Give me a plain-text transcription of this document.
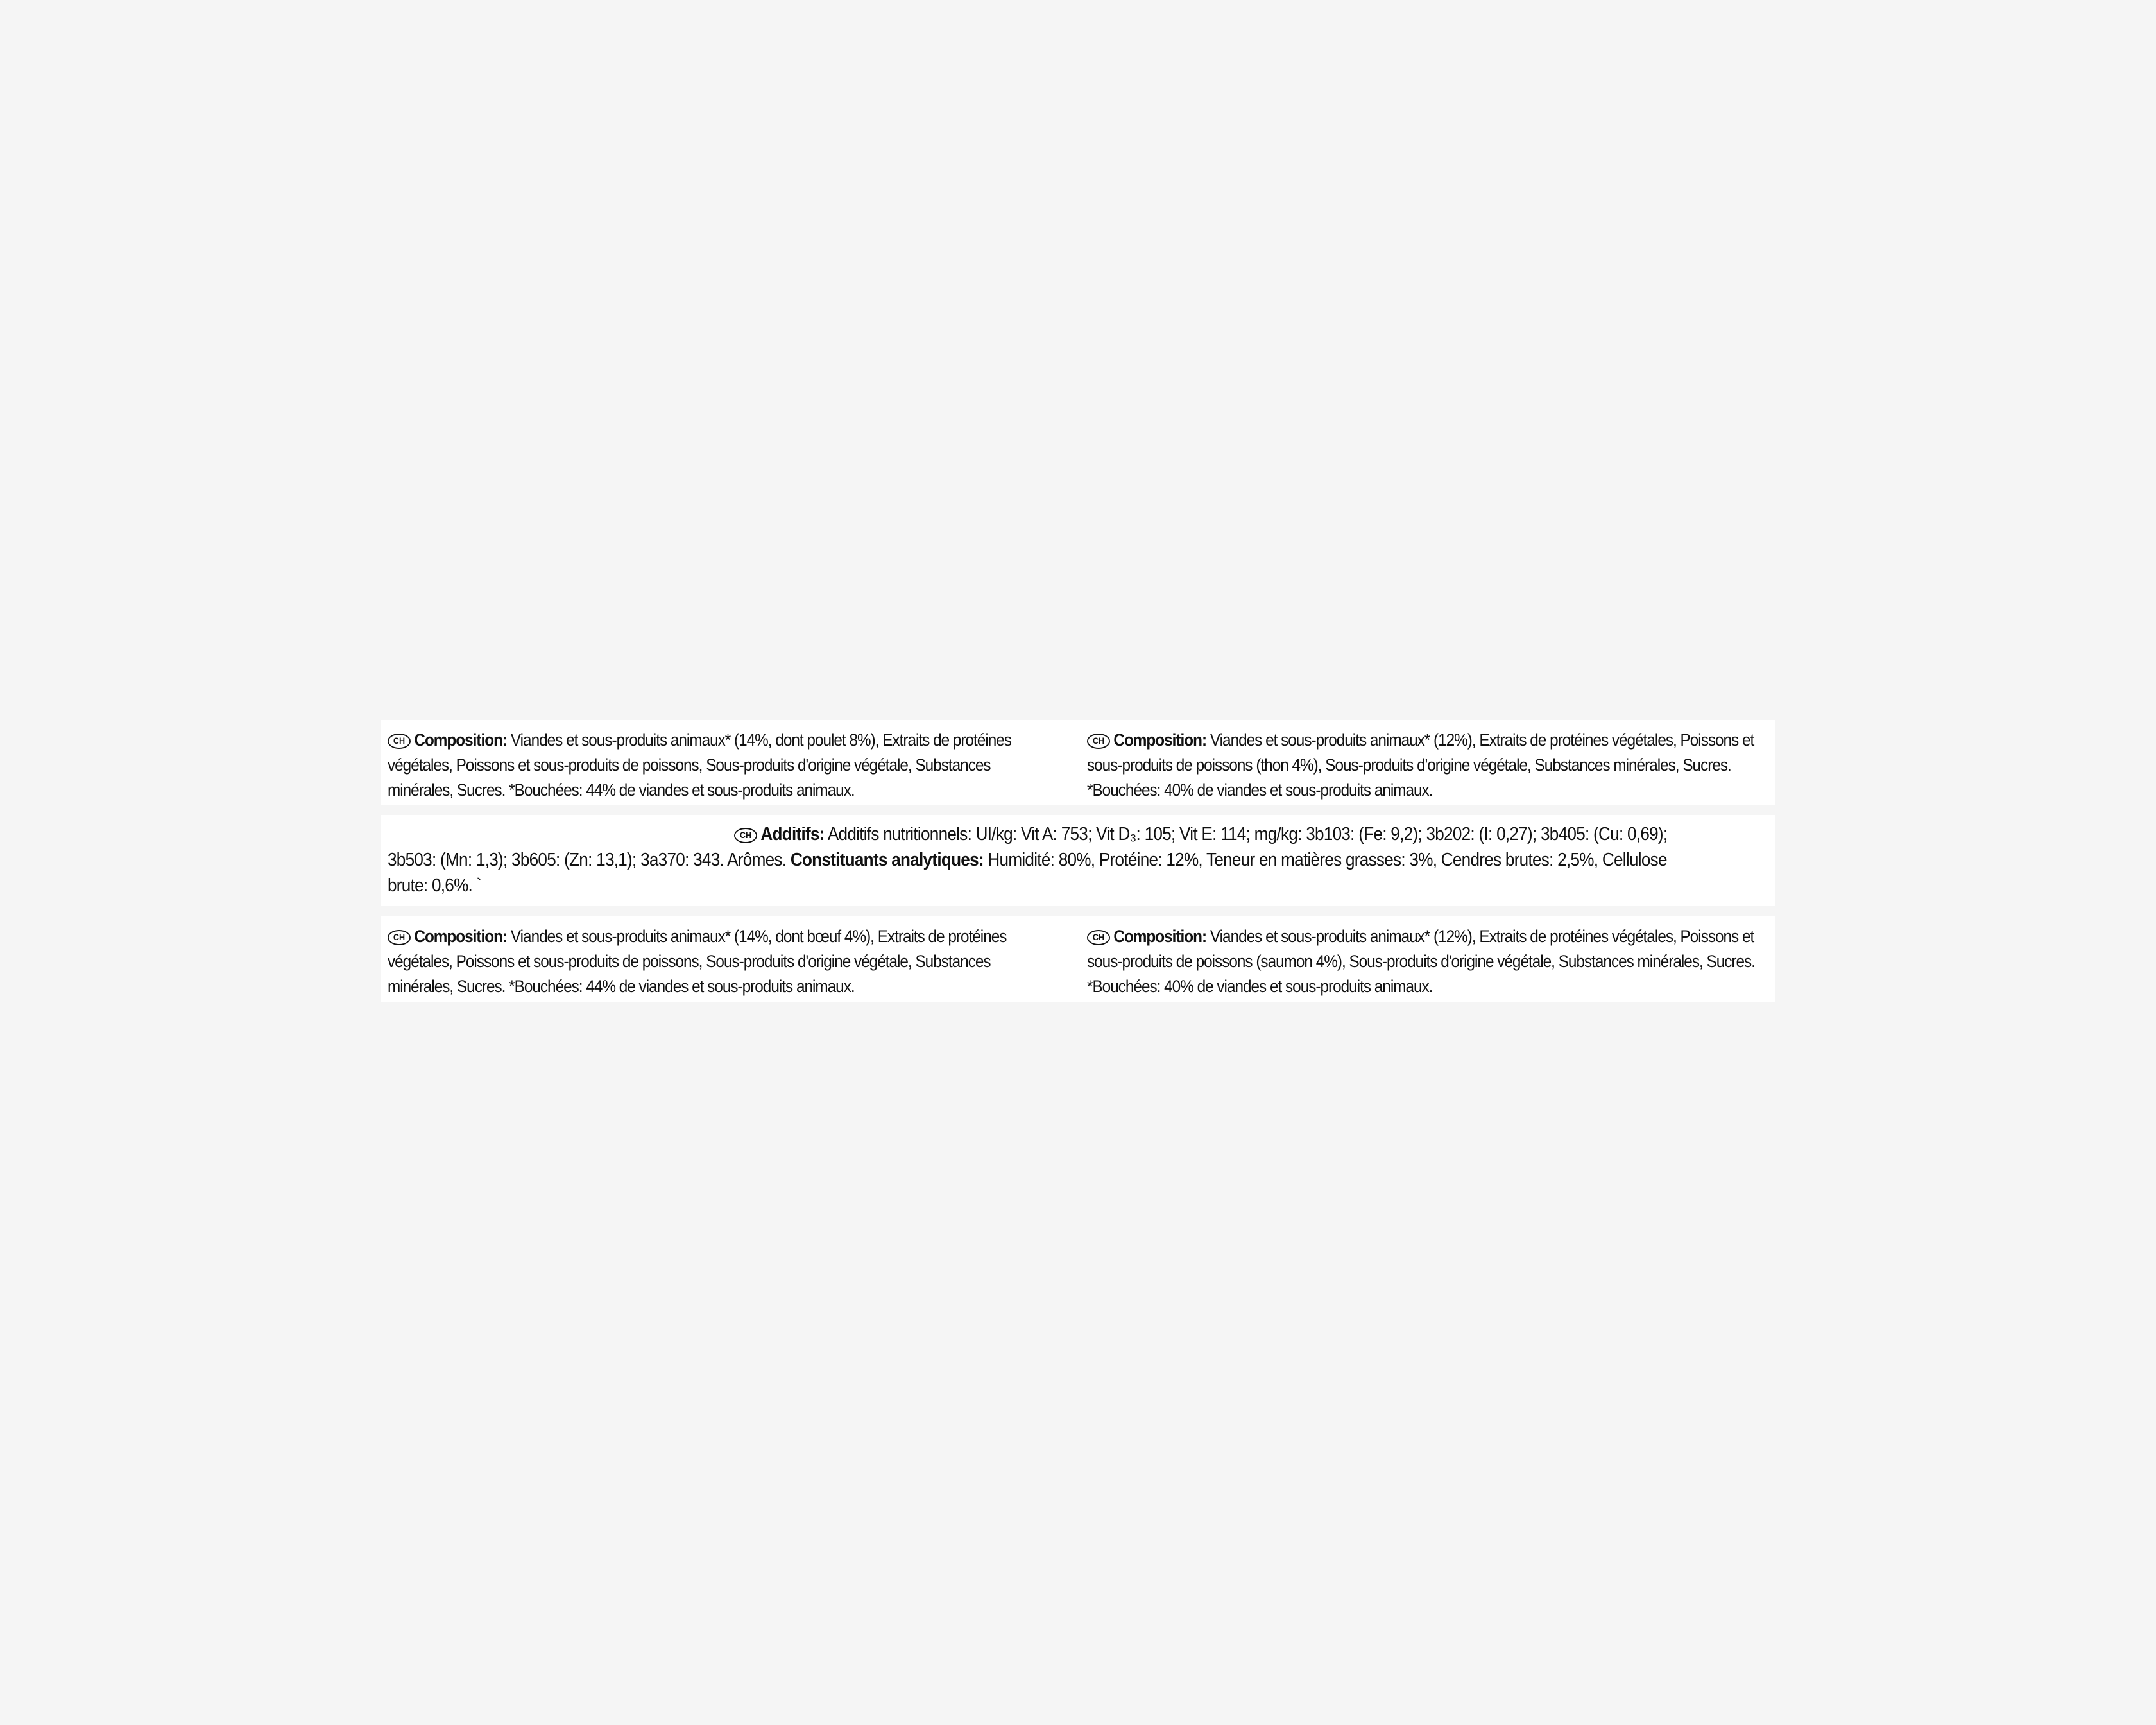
CH Composition: Viandes et sous-produits animaux* (14%, dont poulet 8%), Extraits de protéines végétales, Poissons et sous-produits de poissons, Sous-produits d'origine végétale, Substances minérales, Sucres. *Bouchées: 44% de viandes et sous-produits animaux.
CH Composition: Viandes et sous-produits animaux* (12%), Extraits de protéines végétales, Poissons et sous-produits de poissons (thon 4%), Sous-produits d'origine végétale, Substances minérales, Sucres. *Bouchées: 40% de viandes et sous-produits animaux.
CH Additifs: Additifs nutritionnels: UI/kg: Vit A: 753; Vit D₃: 105; Vit E: 114; mg/kg: 3b103: (Fe: 9,2); 3b202: (I: 0,27); 3b405: (Cu: 0,69); 3b503: (Mn: 1,3); 3b605: (Zn: 13,1); 3a370: 343. Arômes. Constituants analytiques: Humidité: 80%, Protéine: 12%, Teneur en matières grasses: 3%, Cendres brutes: 2,5%, Cellulose brute: 0,6%. `
CH Composition: Viandes et sous-produits animaux* (14%, dont bœuf 4%), Extraits de protéines végétales, Poissons et sous-produits de poissons, Sous-produits d'origine végétale, Substances minérales, Sucres. *Bouchées: 44% de viandes et sous-produits animaux.
CH Composition: Viandes et sous-produits animaux* (12%), Extraits de protéines végétales, Poissons et sous-produits de poissons (saumon 4%), Sous-produits d'origine végétale, Substances minérales, Sucres. *Bouchées: 40% de viandes et sous-produits animaux.
